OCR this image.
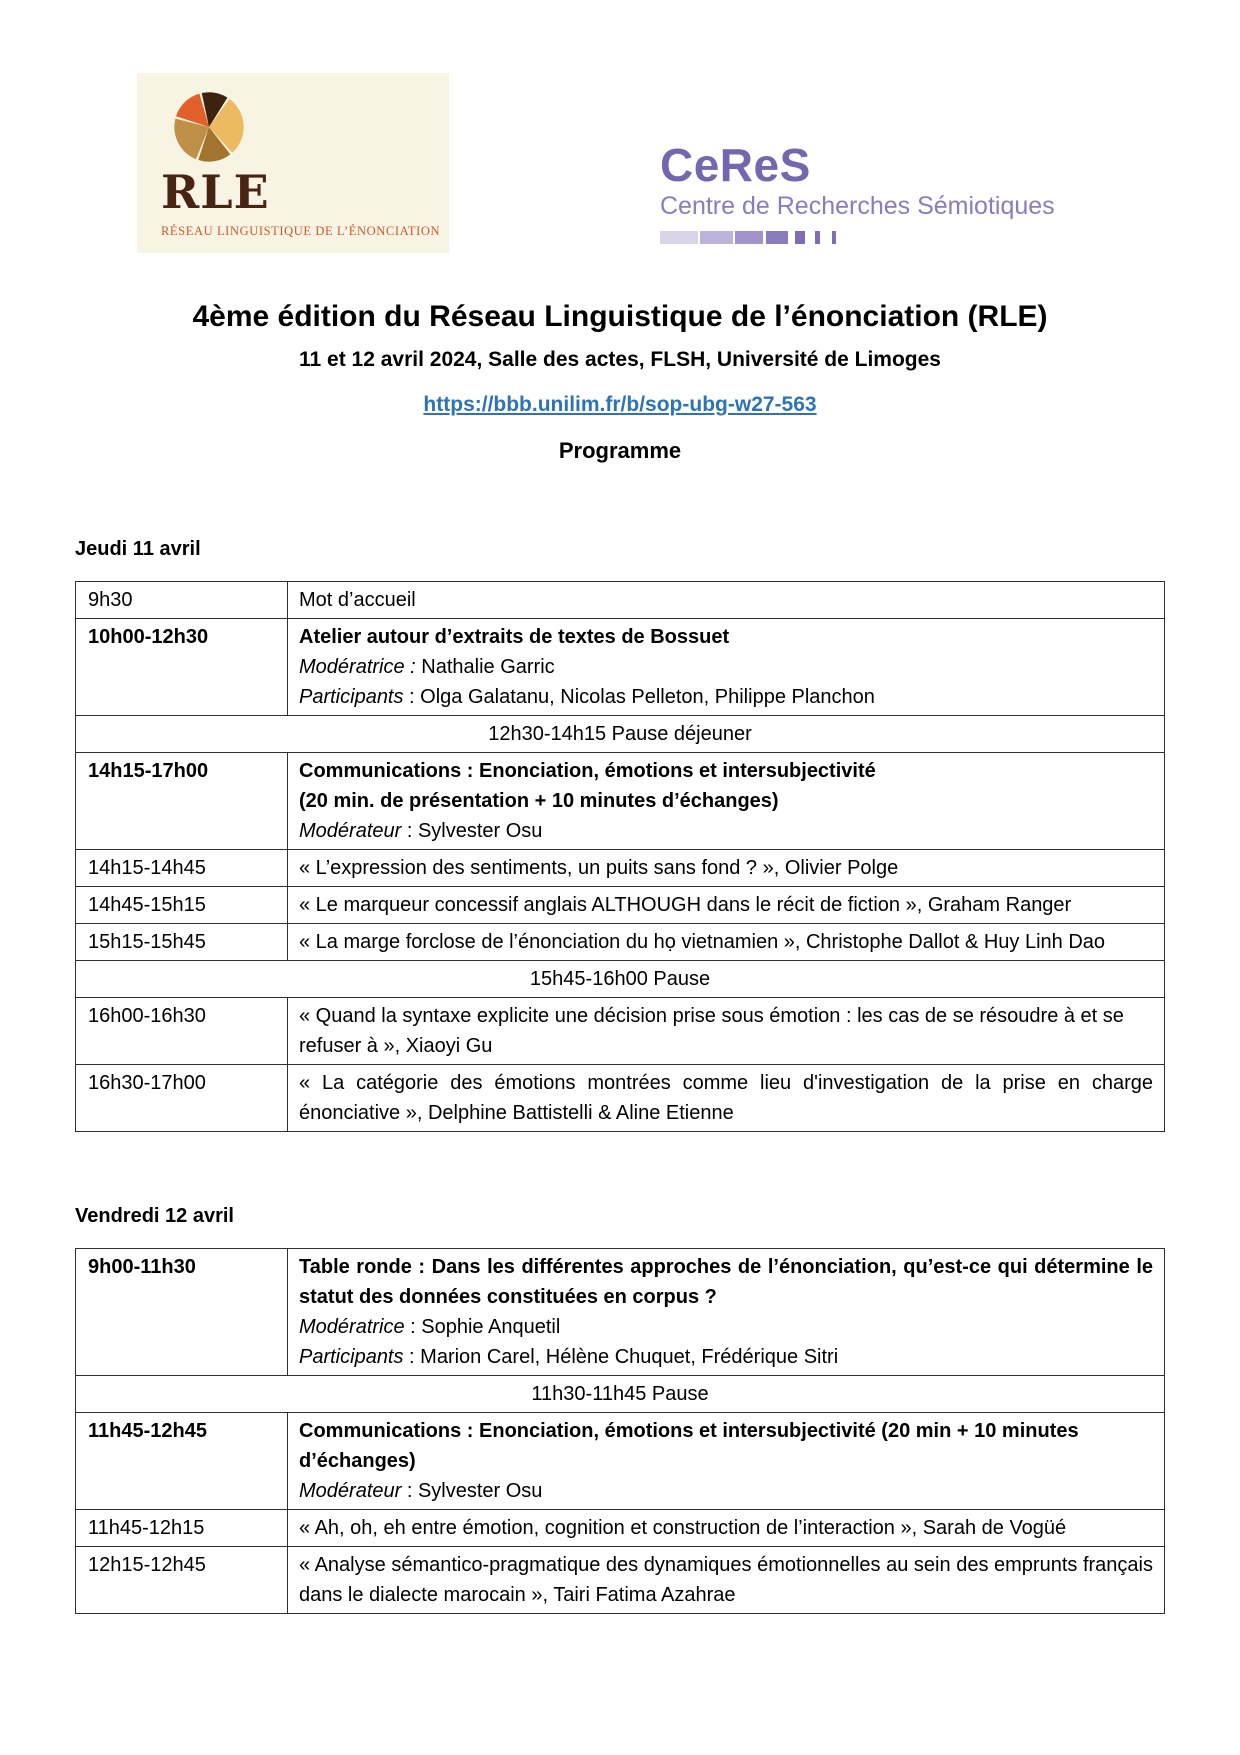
RLE
RÉSEAU LINGUISTIQUE DE L’ÉNONCIATION
CeReS
Centre de Recherches Sémiotiques
4ème édition du Réseau Linguistique de l’énonciation (RLE)
11 et 12 avril 2024, Salle des actes, FLSH, Université de Limoges
https://bbb.unilim.fr/b/sop-ubg-w27-563
Programme
Jeudi 11 avril
9h30	Mot d’accueil

10h00-12h30	Atelier autour d’extraits de textes de Bossuet
Modératrice : Nathalie Garric
Participants : Olga Galatanu, Nicolas Pelleton, Philippe Planchon

12h30-14h15 Pause déjeuner	
14h15-17h00	Communications : Enonciation, émotions et intersubjectivité
(20 min. de présentation + 10 minutes d’échanges)
Modérateur : Sylvester Osu

14h15-14h45	« L’expression des sentiments, un puits sans fond ? », Olivier Polge

14h45-15h15	« Le marqueur concessif anglais ALTHOUGH dans le récit de fiction », Graham Ranger

15h15-15h45	« La marge forclose de l’énonciation du họ vietnamien », Christophe Dallot & Huy Linh Dao

15h45-16h00 Pause	
16h00-16h30	« Quand la syntaxe explicite une décision prise sous émotion : les cas de se résoudre à et se refuser à », Xiaoyi Gu

16h30-17h00	« La catégorie des émotions montrées comme lieu d'investigation de la prise en charge énonciative », Delphine Battistelli & Aline Etienne
Vendredi 12 avril
9h00-11h30	Table ronde : Dans les différentes approches de l’énonciation, qu’est-ce qui détermine le statut des données constituées en corpus ?
Modératrice : Sophie Anquetil
Participants : Marion Carel, Hélène Chuquet, Frédérique Sitri

11h30-11h45 Pause	
11h45-12h45	Communications : Enonciation, émotions et intersubjectivité (20 min + 10 minutes d’échanges)
Modérateur : Sylvester Osu

11h45-12h15	« Ah, oh, eh entre émotion, cognition et construction de l’interaction », Sarah de Vogüé

12h15-12h45	« Analyse sémantico-pragmatique des dynamiques émotionnelles au sein des emprunts français dans le dialecte marocain », Tairi Fatima Azahrae
